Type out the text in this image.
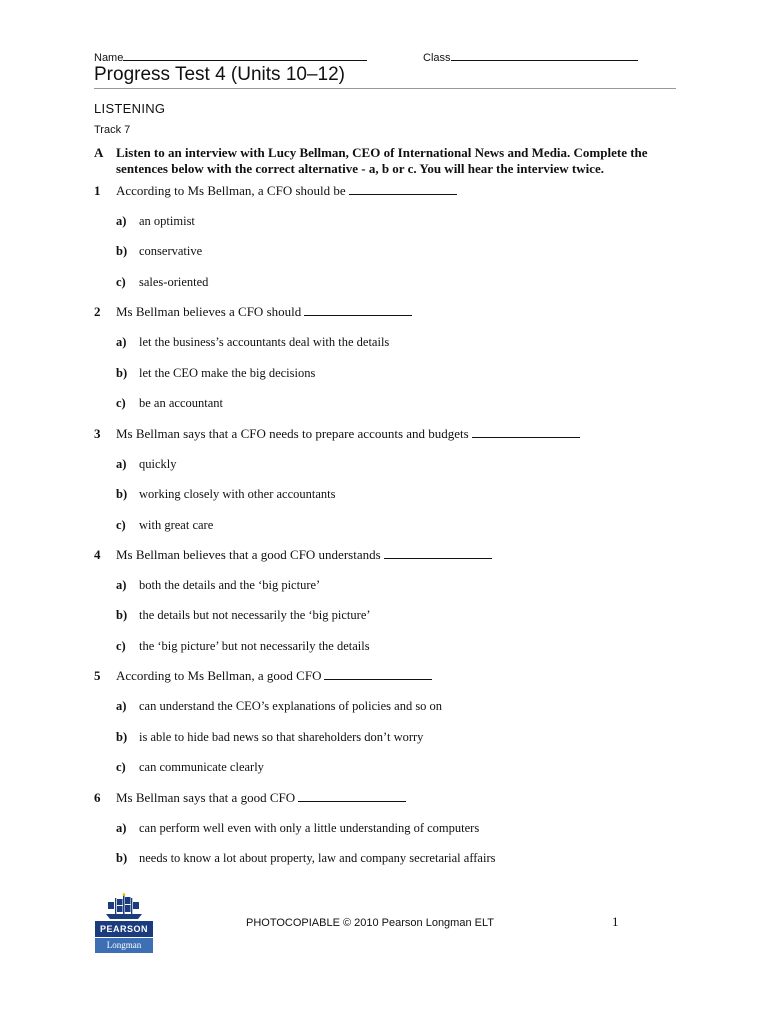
Name	Class
Progress Test 4 (Units 10–12)
LISTENING
Track 7
A Listen to an interview with Lucy Bellman, CEO of International News and Media. Complete the sentences below with the correct alternative - a, b or c. You will hear the interview twice.
1 According to Ms Bellman, a CFO should be
a) an optimist
b) conservative
c) sales-oriented
2 Ms Bellman believes a CFO should
a) let the business’s accountants deal with the details
b) let the CEO make the big decisions
c) be an accountant
3 Ms Bellman says that a CFO needs to prepare accounts and budgets
a) quickly
b) working closely with other accountants
c) with great care
4 Ms Bellman believes that a good CFO understands
a) both the details and the ‘big picture’
b) the details but not necessarily the ‘big picture’
c) the ‘big picture’ but not necessarily the details
5 According to Ms Bellman, a good CFO
a) can understand the CEO’s explanations of policies and so on
b) is able to hide bad news so that shareholders don’t worry
c) can communicate clearly
6 Ms Bellman says that a good CFO
a) can perform well even with only a little understanding of computers
b) needs to know a lot about property, law and company secretarial affairs
PEARSON
Longman
PHOTOCOPIABLE © 2010 Pearson Longman ELT	1
